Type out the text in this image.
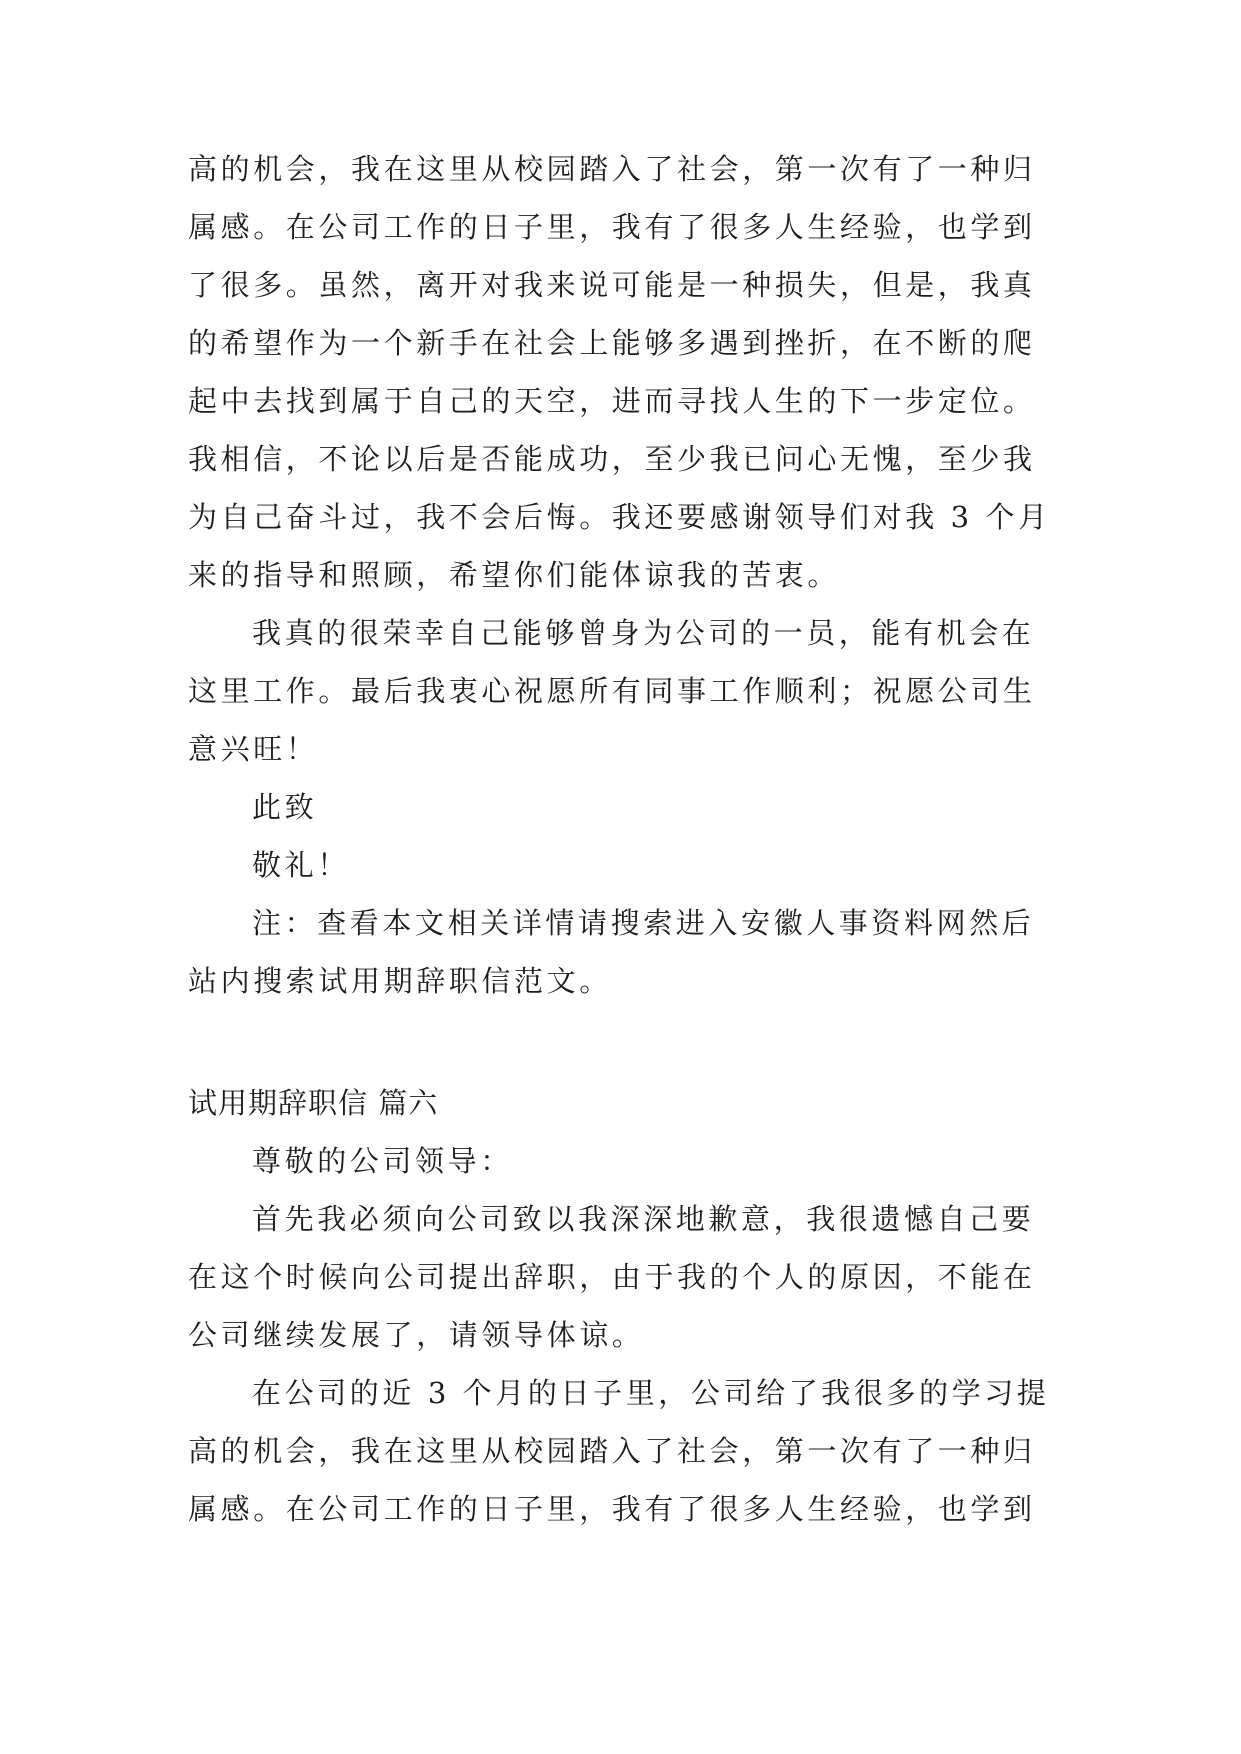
高的机会，我在这里从校园踏入了社会，第一次有了一种归
属感。在公司工作的日子里，我有了很多人生经验，也学到
了很多。虽然，离开对我来说可能是一种损失，但是，我真
的希望作为一个新手在社会上能够多遇到挫折，在不断的爬
起中去找到属于自己的天空，进而寻找人生的下一步定位。
我相信，不论以后是否能成功，至少我已问心无愧，至少我
为自己奋斗过，我不会后悔。我还要感谢领导们对我 3 个月
来的指导和照顾，希望你们能体谅我的苦衷。
我真的很荣幸自己能够曾身为公司的一员，能有机会在
这里工作。最后我衷心祝愿所有同事工作顺利；祝愿公司生
意兴旺！
此致
敬礼！
注：查看本文相关详情请搜索进入安徽人事资料网然后
站内搜索试用期辞职信范文。
试用期辞职信 篇六
尊敬的公司领导：
首先我必须向公司致以我深深地歉意，我很遗憾自己要
在这个时候向公司提出辞职，由于我的个人的原因，不能在
公司继续发展了，请领导体谅。
在公司的近 3 个月的日子里，公司给了我很多的学习提
高的机会，我在这里从校园踏入了社会，第一次有了一种归
属感。在公司工作的日子里，我有了很多人生经验，也学到
